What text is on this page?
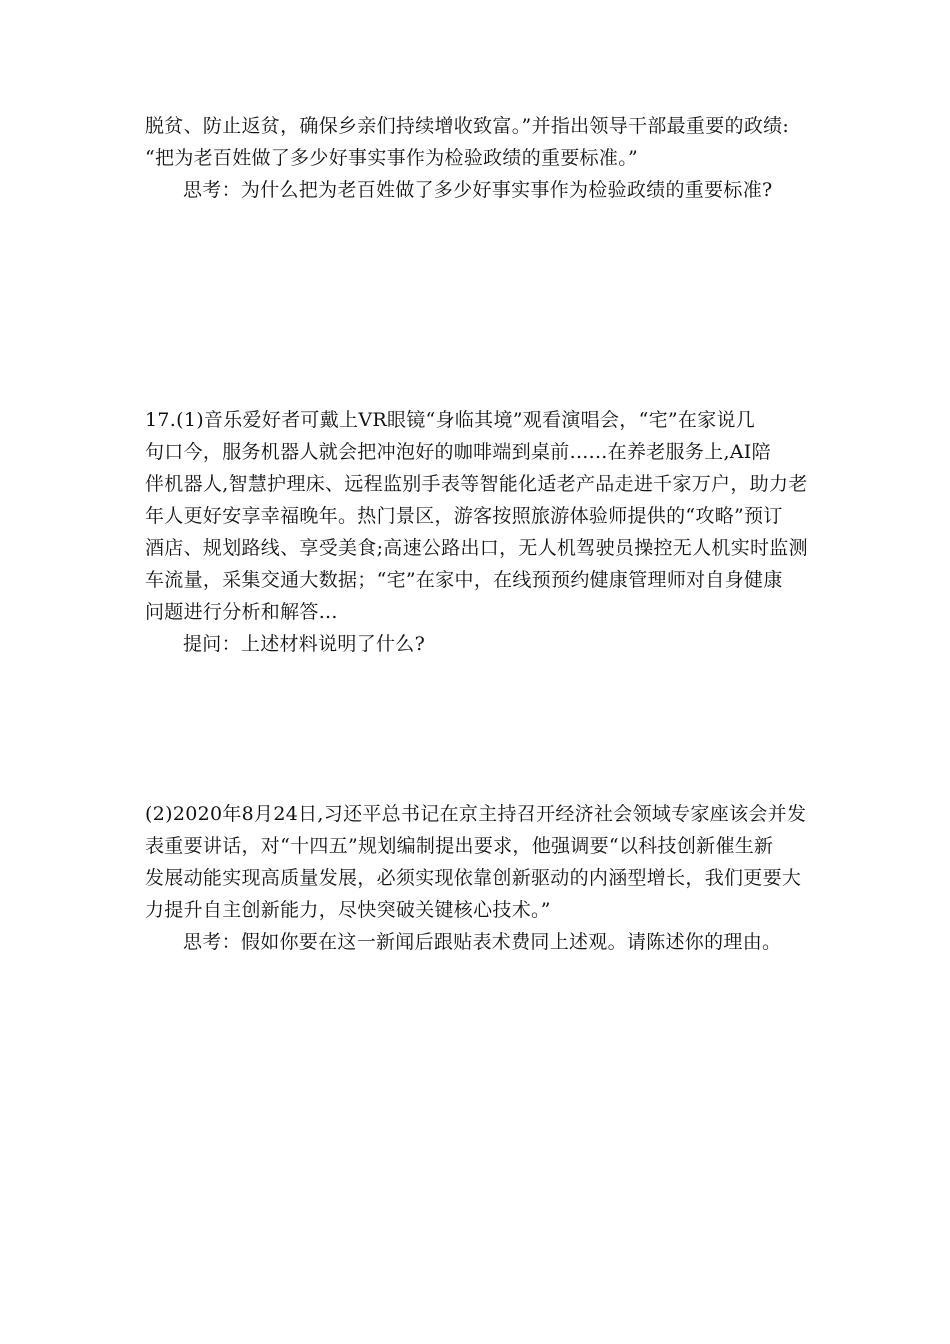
脱贫、防止返贫，确保乡亲们持续增收致富。”并指出领导干部最重要的政绩:
“把为老百姓做了多少好事实事作为检验政绩的重要标准。”
思考：为什么把为老百姓做了多少好事实事作为检验政绩的重要标准?
17.(1)音乐爱好者可戴上VR眼镜“身临其境”观看演唱会，“宅”在家说几
句口今，服务机器人就会把冲泡好的咖啡端到桌前......在养老服务上,AI陪
伴机器人,智慧护理床、远程监别手表等智能化适老产品走进千家万户，助力老
年人更好安享幸福晚年。热门景区，游客按照旅游体验师提供的“攻略”预订
酒店、规划路线、享受美食;高速公路出口，无人机驾驶员操控无人机实时监测
车流量，采集交通大数据；“宅”在家中，在线预预约健康管理师对自身健康
问题进行分析和解答...
提问：上述材料说明了什么?
(2)2020年8月24日,习还平总书记在京主持召开经济社会领域专家座该会并发
表重要讲话，对“十四五”规划编制提出要求，他强调要“以科技创新催生新
发展动能实现高质量发展，必须实现依靠创新驱动的内涵型增长，我们更要大
力提升自主创新能力，尽快突破关键核心技术。”
思考：假如你要在这一新闻后跟贴表术费同上述观。请陈述你的理由。
